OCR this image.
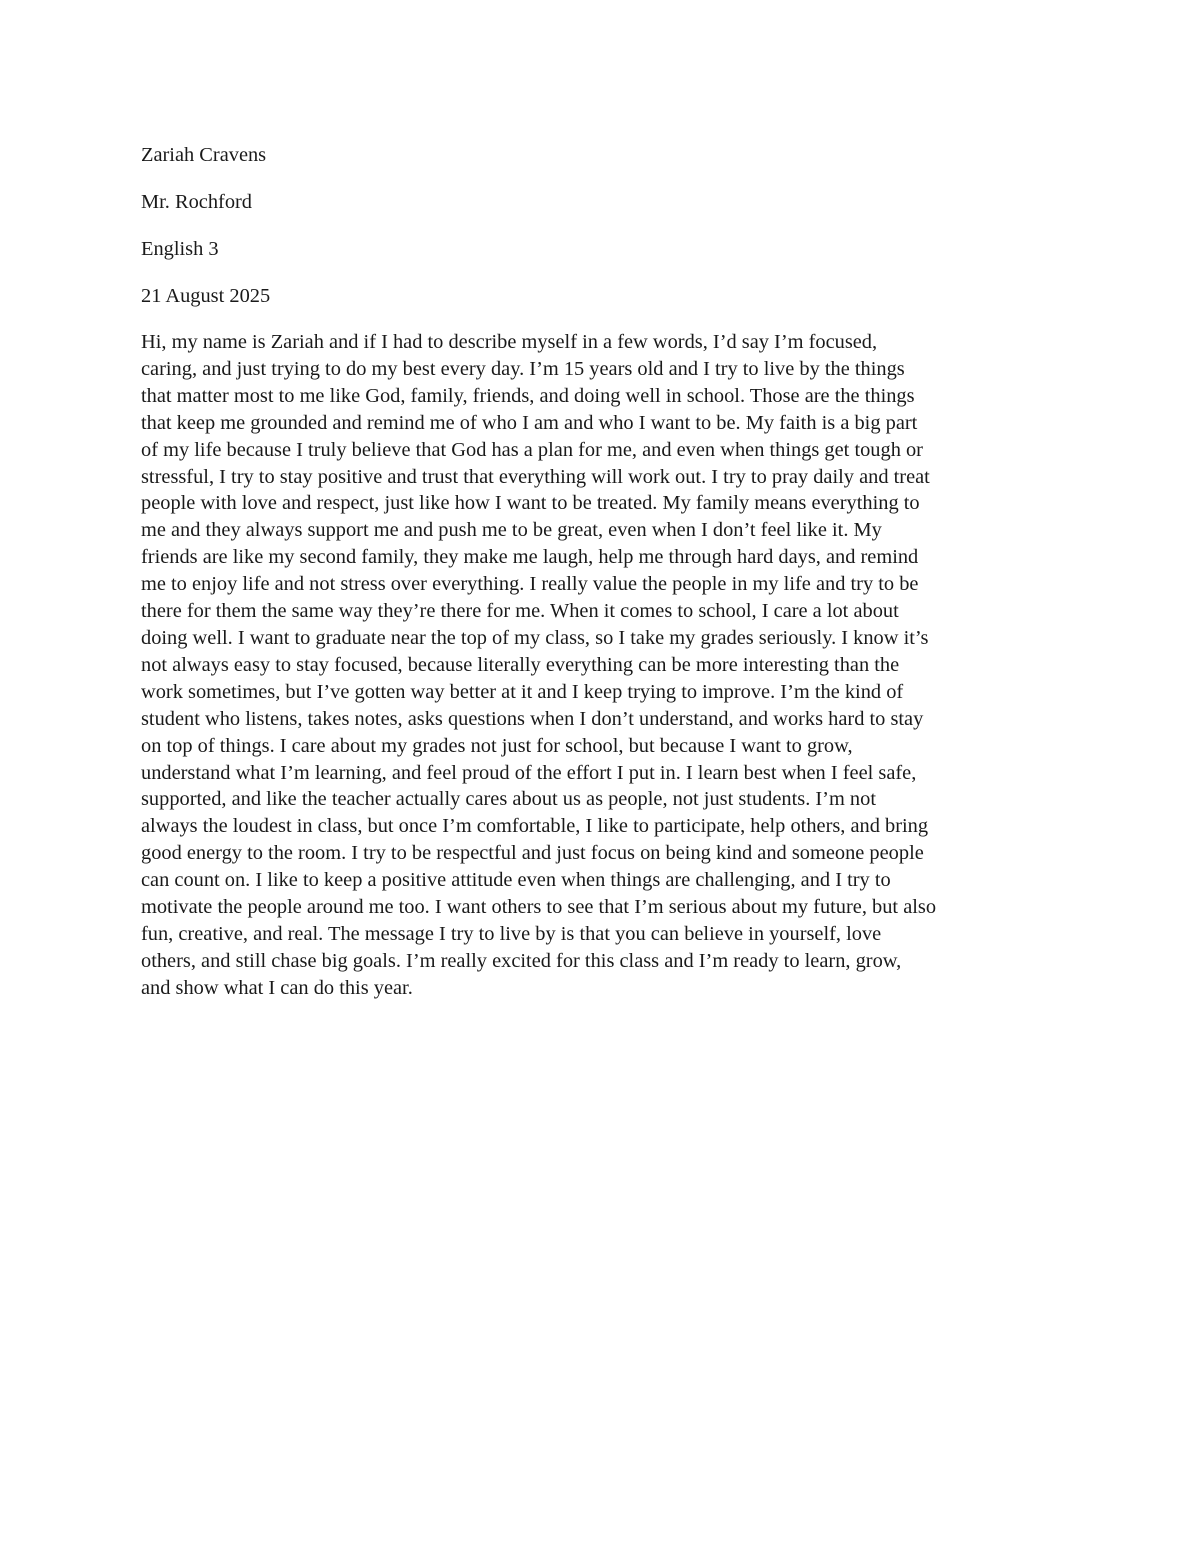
Zariah Cravens

Mr. Rochford

English 3

21 August 2025

Hi, my name is Zariah and if I had to describe myself in a few words, I’d say I’m focused,
caring, and just trying to do my best every day. I’m 15 years old and I try to live by the things
that matter most to me like God, family, friends, and doing well in school. Those are the things
that keep me grounded and remind me of who I am and who I want to be. My faith is a big part
of my life because I truly believe that God has a plan for me, and even when things get tough or
stressful, I try to stay positive and trust that everything will work out. I try to pray daily and treat
people with love and respect, just like how I want to be treated. My family means everything to
me and they always support me and push me to be great, even when I don’t feel like it. My
friends are like my second family, they make me laugh, help me through hard days, and remind
me to enjoy life and not stress over everything. I really value the people in my life and try to be
there for them the same way they’re there for me. When it comes to school, I care a lot about
doing well. I want to graduate near the top of my class, so I take my grades seriously. I know it’s
not always easy to stay focused, because literally everything can be more interesting than the
work sometimes, but I’ve gotten way better at it and I keep trying to improve. I’m the kind of
student who listens, takes notes, asks questions when I don’t understand, and works hard to stay
on top of things. I care about my grades not just for school, but because I want to grow,
understand what I’m learning, and feel proud of the effort I put in. I learn best when I feel safe,
supported, and like the teacher actually cares about us as people, not just students. I’m not
always the loudest in class, but once I’m comfortable, I like to participate, help others, and bring
good energy to the room. I try to be respectful and just focus on being kind and someone people
can count on. I like to keep a positive attitude even when things are challenging, and I try to
motivate the people around me too. I want others to see that I’m serious about my future, but also
fun, creative, and real. The message I try to live by is that you can believe in yourself, love
others, and still chase big goals. I’m really excited for this class and I’m ready to learn, grow,
and show what I can do this year.
